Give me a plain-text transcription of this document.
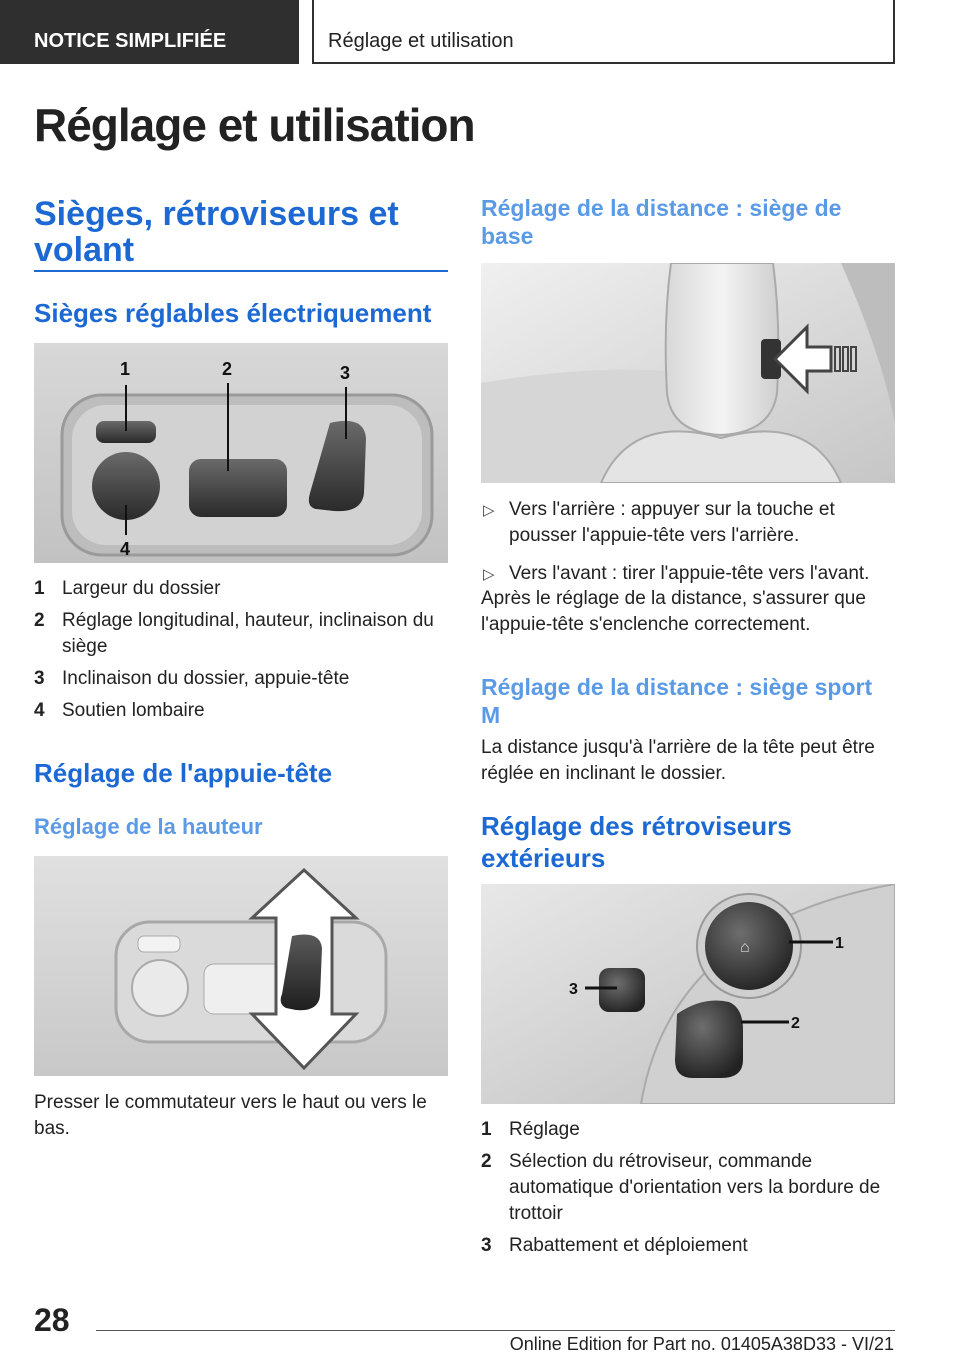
NOTICE SIMPLIFIÉE	Réglage et utilisation
Réglage et utilisation
Sièges, rétroviseurs et volant
Sièges réglables électriquement
1	2	3
4
1 Largeur du dossier
2 Réglage longitudinal, hauteur, inclinaison du siège
3 Inclinaison du dossier, appuie-tête
4 Soutien lombaire
Réglage de l'appuie-tête
Réglage de la hauteur
Presser le commutateur vers le haut ou vers le bas.
Réglage de la distance : siège de base
▷ Vers l'arrière : appuyer sur la touche et pousser l'appuie-tête vers l'arrière.
▷ Vers l'avant : tirer l'appuie-tête vers l'avant.
Après le réglage de la distance, s'assurer que l'appuie-tête s'enclenche correctement.
Réglage de la distance : siège sport M
La distance jusqu'à l'arrière de la tête peut être réglée en inclinant le dossier.
Réglage des rétroviseurs extérieurs
⌂	1
2
3
1 Réglage
2 Sélection du rétroviseur, commande automatique d'orientation vers la bordure de trottoir
3 Rabattement et déploiement
28
Online Edition for Part no. 01405A38D33 - VI/21
